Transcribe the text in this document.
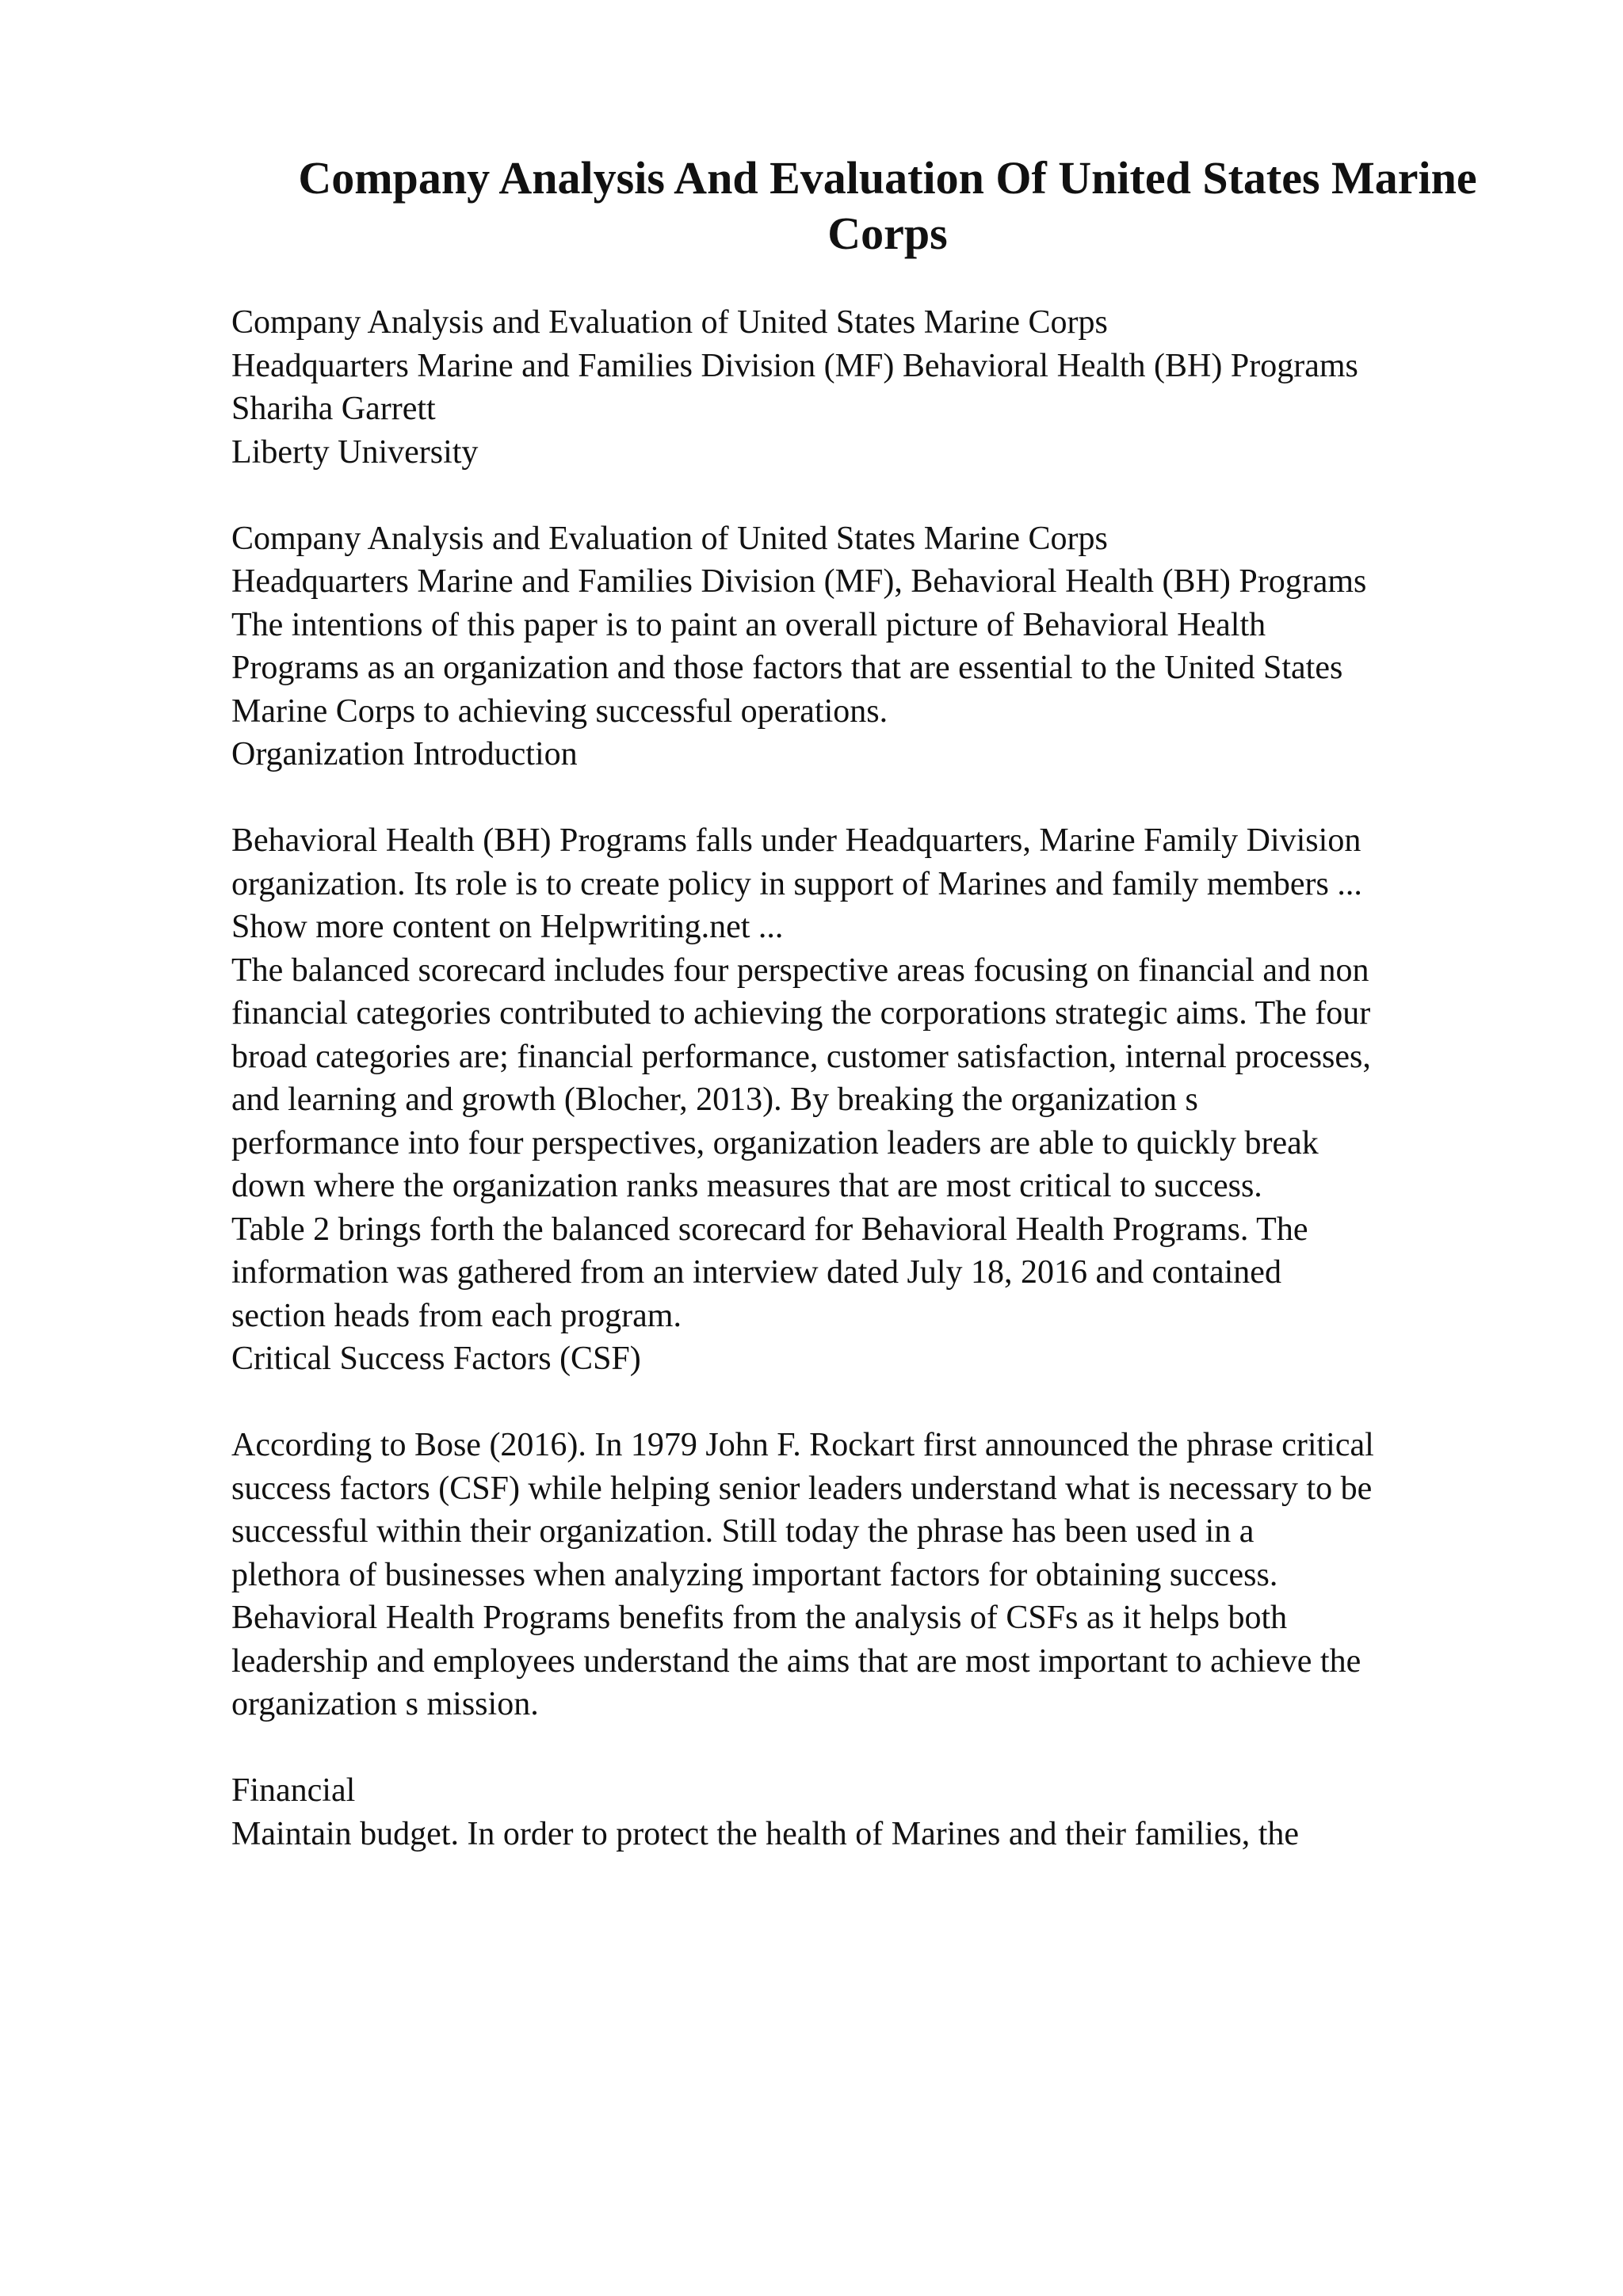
Company Analysis And Evaluation Of United States Marine
Corps
Company Analysis and Evaluation of United States Marine Corps
Headquarters Marine and Families Division (MF) Behavioral Health (BH) Programs
Shariha Garrett
Liberty University
Company Analysis and Evaluation of United States Marine Corps
Headquarters Marine and Families Division (MF), Behavioral Health (BH) Programs
The intentions of this paper is to paint an overall picture of Behavioral Health
Programs as an organization and those factors that are essential to the United States
Marine Corps to achieving successful operations.
Organization Introduction
Behavioral Health (BH) Programs falls under Headquarters, Marine Family Division
organization. Its role is to create policy in support of Marines and family members ...
Show more content on Helpwriting.net ...
The balanced scorecard includes four perspective areas focusing on financial and non
financial categories contributed to achieving the corporations strategic aims. The four
broad categories are; financial performance, customer satisfaction, internal processes,
and learning and growth (Blocher, 2013). By breaking the organization s
performance into four perspectives, organization leaders are able to quickly break
down where the organization ranks measures that are most critical to success.
Table 2 brings forth the balanced scorecard for Behavioral Health Programs. The
information was gathered from an interview dated July 18, 2016 and contained
section heads from each program.
Critical Success Factors (CSF)
According to Bose (2016). In 1979 John F. Rockart first announced the phrase critical
success factors (CSF) while helping senior leaders understand what is necessary to be
successful within their organization. Still today the phrase has been used in a
plethora of businesses when analyzing important factors for obtaining success.
Behavioral Health Programs benefits from the analysis of CSFs as it helps both
leadership and employees understand the aims that are most important to achieve the
organization s mission.
Financial
Maintain budget. In order to protect the health of Marines and their families, the
